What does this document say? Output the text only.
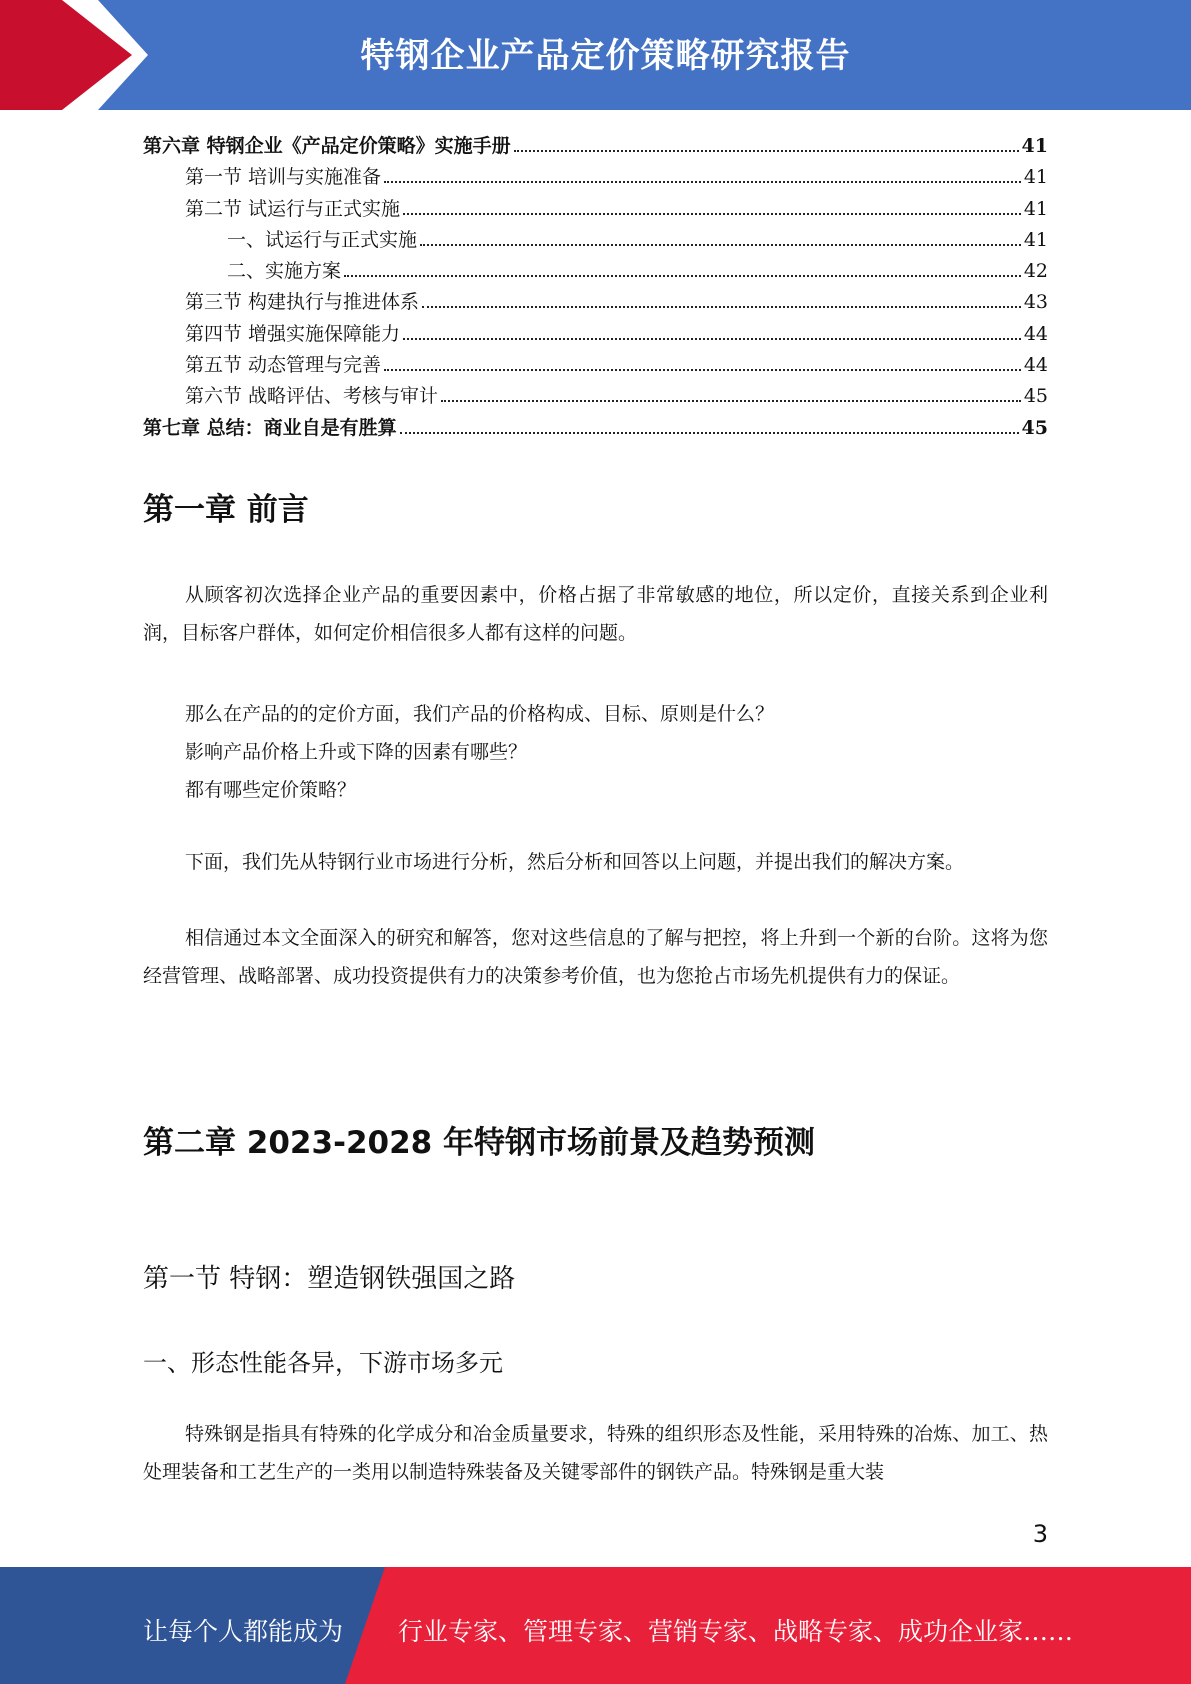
特钢企业产品定价策略研究报告
第六章 特钢企业《产品定价策略》实施手册	41
第一节 培训与实施准备	41
第二节 试运行与正式实施	41
一、试运行与正式实施	41
二、实施方案	42
第三节 构建执行与推进体系	43
第四节 增强实施保障能力	44
第五节 动态管理与完善	44
第六节 战略评估、考核与审计	45
第七章 总结：商业自是有胜算	45
第一章 前言

从顾客初次选择企业产品的重要因素中，价格占据了非常敏感的地位，所以定价，直接关系到企业利润，目标客户群体，如何定价相信很多人都有这样的问题。

那么在产品的的定价方面，我们产品的价格构成、目标、原则是什么？

影响产品价格上升或下降的因素有哪些？

都有哪些定价策略？

下面，我们先从特钢行业市场进行分析，然后分析和回答以上问题，并提出我们的解决方案。

相信通过本文全面深入的研究和解答，您对这些信息的了解与把控，将上升到一个新的台阶。这将为您经营管理、战略部署、成功投资提供有力的决策参考价值，也为您抢占市场先机提供有力的保证。

第二章 2023-2028 年特钢市场前景及趋势预测
第一节 特钢：塑造钢铁强国之路
一、形态性能各异，下游市场多元

特殊钢是指具有特殊的化学成分和冶金质量要求，特殊的组织形态及性能，采用特殊的冶炼、加工、热处理装备和工艺生产的一类用以制造特殊装备及关键零部件的钢铁产品。特殊钢是重大装

3
让每个人都能成为 行业专家、管理专家、营销专家、战略专家、成功企业家……
